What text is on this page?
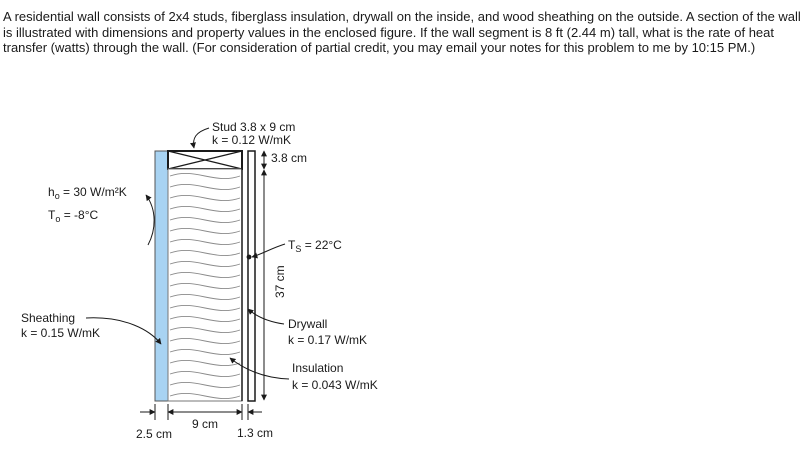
A residential wall consists of 2x4 studs, fiberglass insulation, drywall on the inside, and wood sheathing on the outside. A section of the wall is illustrated with dimensions and property values in the enclosed figure. If the wall segment is 8 ft (2.44 m) tall, what is the rate of heat transfer (watts) through the wall. (For consideration of partial credit, you may email your notes for this problem to me by 10:15 PM.)

3.8 cm
37 cm
Stud 3.8 x 9 cm
k = 0.12 W/mK
$h_o = 30$ W/m²K
$T_o = -8^\circ C$
$T_S = 22^\circ C$
Sheathing
k = 0.15 W/mK
Drywall
k = 0.17 W/mK
Insulation
k = 0.043 W/mK
2.5 cm
9 cm
1.3 cm
